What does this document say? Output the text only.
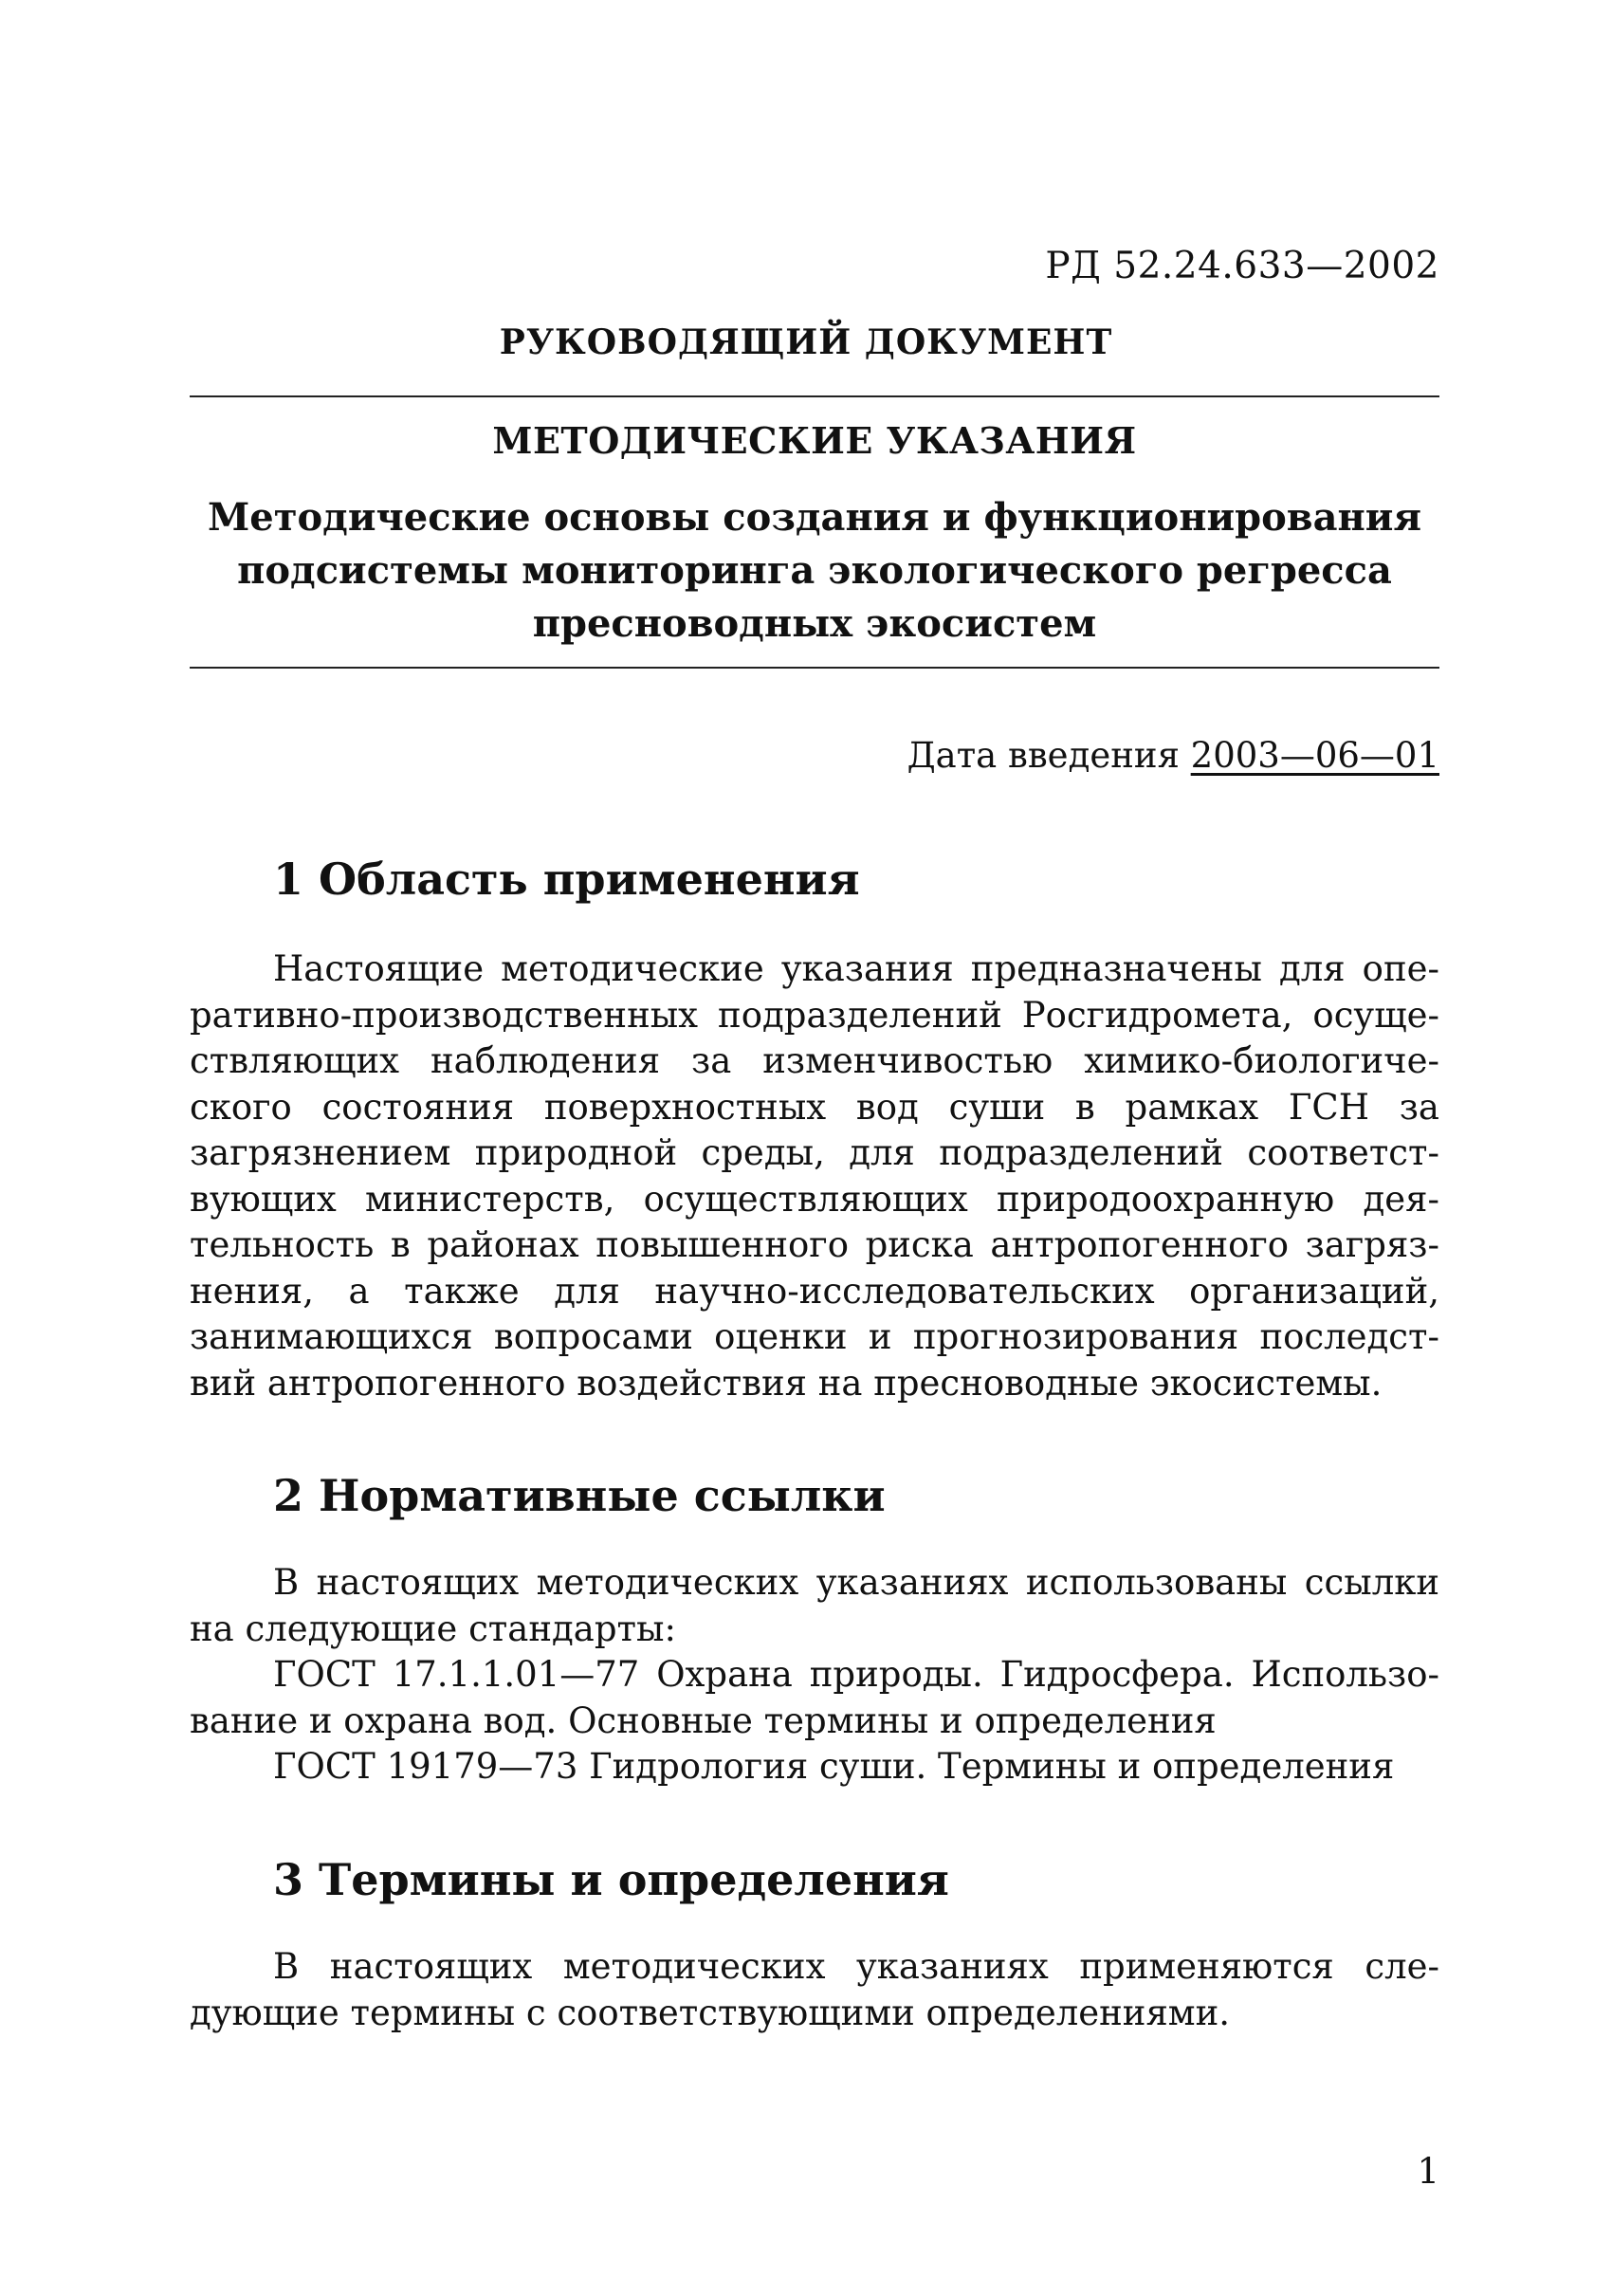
РД 52.24.633—2002
РУКОВОДЯЩИЙ ДОКУМЕНТ
МЕТОДИЧЕСКИЕ УКАЗАНИЯ
Методические основы создания и функционирования
подсистемы мониторинга экологического регресса
пресноводных экосистем
Дата введения 2003—06—01
1 Область применения
Настоящие методические указания предназначены для опе-
ративно-производственных подразделений Росгидромета, осуще-
ствляющих наблюдения за изменчивостью химико-биологиче-
ского состояния поверхностных вод суши в рамках ГСН за
загрязнением природной среды, для подразделений соответст-
вующих министерств, осуществляющих природоохранную дея-
тельность в районах повышенного риска антропогенного загряз-
нения, а также для научно-исследовательских организаций,
занимающихся вопросами оценки и прогнозирования последст-
вий антропогенного воздействия на пресноводные экосистемы.
2 Нормативные ссылки
В настоящих методических указаниях использованы ссылки
на следующие стандарты:
ГОСТ 17.1.1.01—77 Охрана природы. Гидросфера. Использо-
вание и охрана вод. Основные термины и определения
ГОСТ 19179—73 Гидрология суши. Термины и определения
3 Термины и определения
В настоящих методических указаниях применяются сле-
дующие термины с соответствующими определениями.
1
